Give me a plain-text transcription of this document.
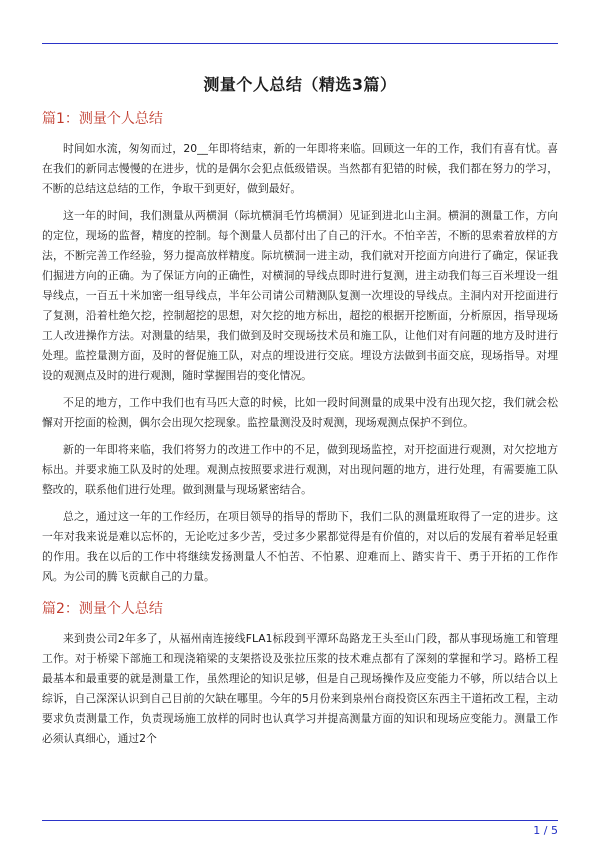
测量个人总结（精选3篇）
篇1：测量个人总结

时间如水流，匆匆而过，20__年即将结束，新的一年即将来临。回顾这一年的工作，我们有喜有忧。喜在我们的新同志慢慢的在进步，忧的是偶尔会犯点低级错误。当然都有犯错的时候，我们都在努力的学习，不断的总结这总结的工作，争取干到更好，做到最好。

这一年的时间，我们测量从两横洞（际坑横洞毛竹坞横洞）见证到进北山主洞。横洞的测量工作，方向的定位，现场的监督，精度的控制。每个测量人员都付出了自己的汗水。不怕辛苦，不断的思索着放样的方法，不断完善工作经验，努力提高放样精度。际坑横洞一进主动，我们就对开挖面方向进行了确定，保证我们掘进方向的正确。为了保证方向的正确性，对横洞的导线点即时进行复测，进主动我们每三百米埋设一组导线点，一百五十米加密一组导线点，半年公司请公司精测队复测一次埋设的导线点。主洞内对开挖面进行了复测，沿着杜绝欠挖，控制超挖的思想，对欠挖的地方标出，超挖的根据开挖断面，分析原因，指导现场工人改进操作方法。对测量的结果，我们做到及时交现场技术员和施工队，让他们对有问题的地方及时进行处理。监控量测方面，及时的督促施工队，对点的埋设进行交底。埋设方法做到书面交底，现场指导。对埋设的观测点及时的进行观测，随时掌握围岩的变化情况。

不足的地方，工作中我们也有马匹大意的时候，比如一段时间测量的成果中没有出现欠挖，我们就会松懈对开挖面的检测，偶尔会出现欠挖现象。监控量测没及时观测，现场观测点保护不到位。

新的一年即将来临，我们将努力的改进工作中的不足，做到现场监控，对开挖面进行观测，对欠挖地方标出。并要求施工队及时的处理。观测点按照要求进行观测，对出现问题的地方，进行处理，有需要施工队整改的，联系他们进行处理。做到测量与现场紧密结合。

总之，通过这一年的工作经历，在项目领导的指导的帮助下，我们二队的测量班取得了一定的进步。这一年对我来说是难以忘怀的，无论吃过多少苦，受过多少累都觉得是有价值的，对以后的发展有着举足轻重的作用。我在以后的工作中将继续发扬测量人不怕苦、不怕累、迎难而上、踏实肯干、勇于开拓的工作作风。为公司的腾飞贡献自己的力量。

篇2：测量个人总结

来到贵公司2年多了，从福州南连接线FLA1标段到平潭环岛路龙王头至山门段，都从事现场施工和管理工作。对于桥梁下部施工和现浇箱梁的支架搭设及张拉压浆的技术难点都有了深刻的掌握和学习。路桥工程最基本和最重要的就是测量工作，虽然理论的知识足够，但是自己现场操作及应变能力不够，所以结合以上综诉，自己深深认识到自己目前的欠缺在哪里。今年的5月份来到泉州台商投资区东西主干道拓改工程，主动要求负责测量工作，负责现场施工放样的同时也认真学习并提高测量方面的知识和现场应变能力。测量工作必须认真细心，通过2个

1 / 5
